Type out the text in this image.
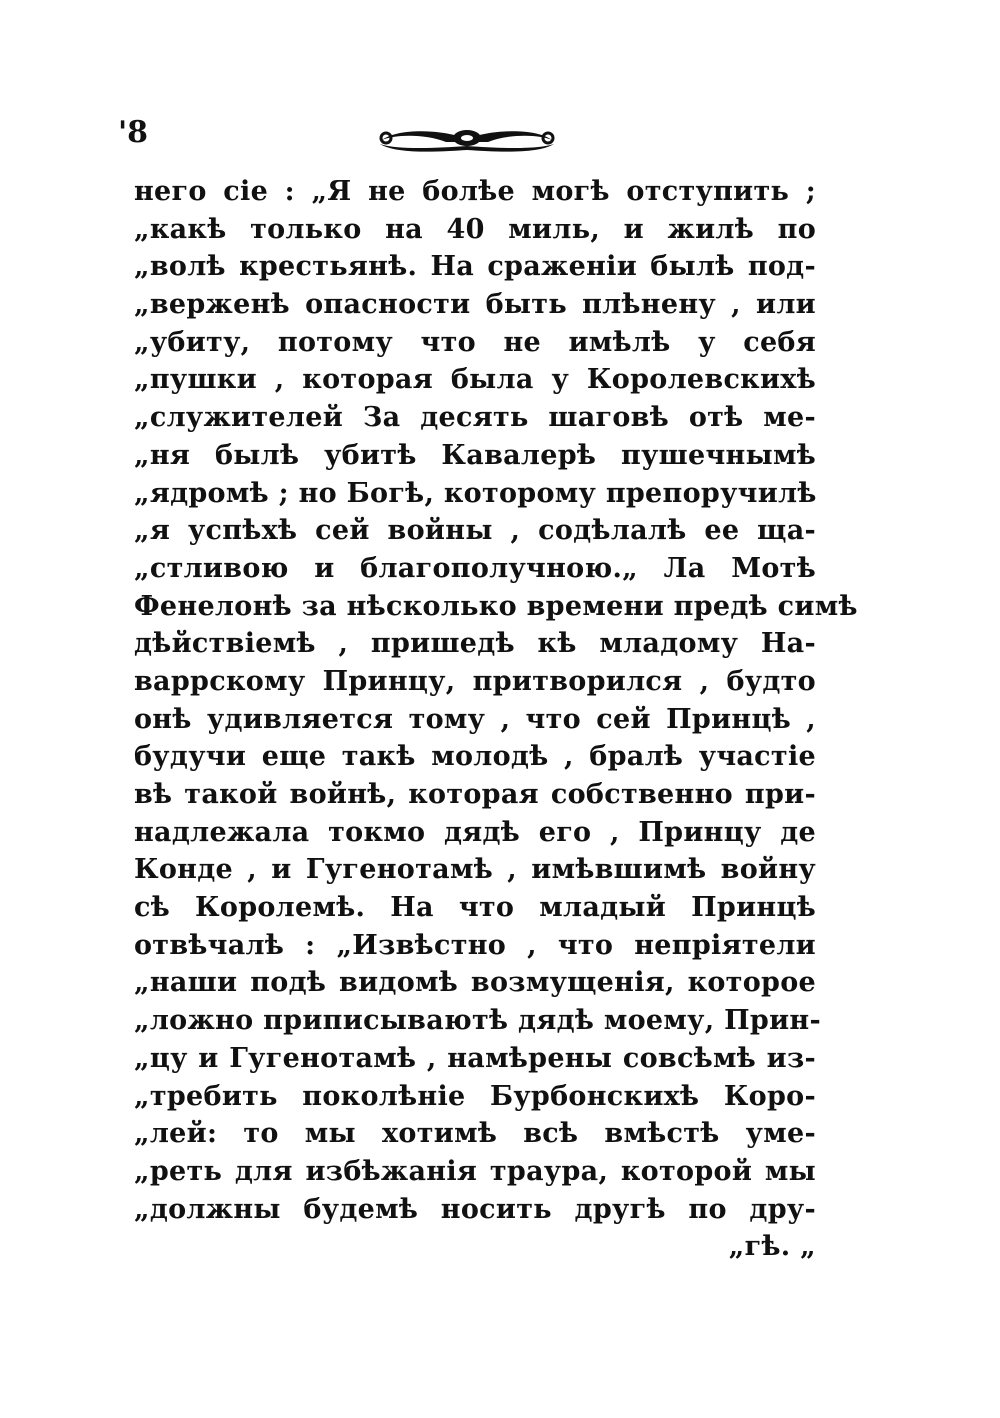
'8
него сіе : „Я не болѣе могѣ отступить ;
„какѣ только на 40 миль, и жилѣ по
„волѣ крестьянѣ. На сраженіи былѣ под-
„верженѣ опасности быть плѣнену , или
„убиту, потому что не имѣлѣ у себя
„пушки , которая была у Королевскихѣ
„служителей За десять шаговѣ отѣ ме-
„ня былѣ убитѣ Кавалерѣ пушечнымѣ
„ядромѣ ; но Богѣ, которому препоручилѣ
„я успѣхѣ сей войны , содѣлалѣ ее ща-
„стливою и благополучною.„ Ла Мотѣ
Фенелонѣ за нѣсколько времени предѣ симѣ
дѣйствіемѣ , пришедѣ кѣ младому На-
варрскому Принцу, притворился , будто
онѣ удивляется тому , что сей Принцѣ ,
будучи еще такѣ молодѣ , бралѣ участіе
вѣ такой войнѣ, которая собственно при-
надлежала токмо дядѣ его , Принцу де
Конде , и Гугенотамѣ , имѣвшимѣ войну
сѣ Королемѣ. На что младый Принцѣ
отвѣчалѣ : „Извѣстно , что непріятели
„наши подѣ видомѣ возмущенія, которое
„ложно приписываютѣ дядѣ моему, Прин-
„цу и Гугенотамѣ , намѣрены совсѣмѣ из-
„требить поколѣніе Бурбонскихѣ Коро-
„лей: то мы хотимѣ всѣ вмѣстѣ уме-
„реть для избѣжанія траура, которой мы
„должны будемѣ носить другѣ по дру-
„гѣ. „
